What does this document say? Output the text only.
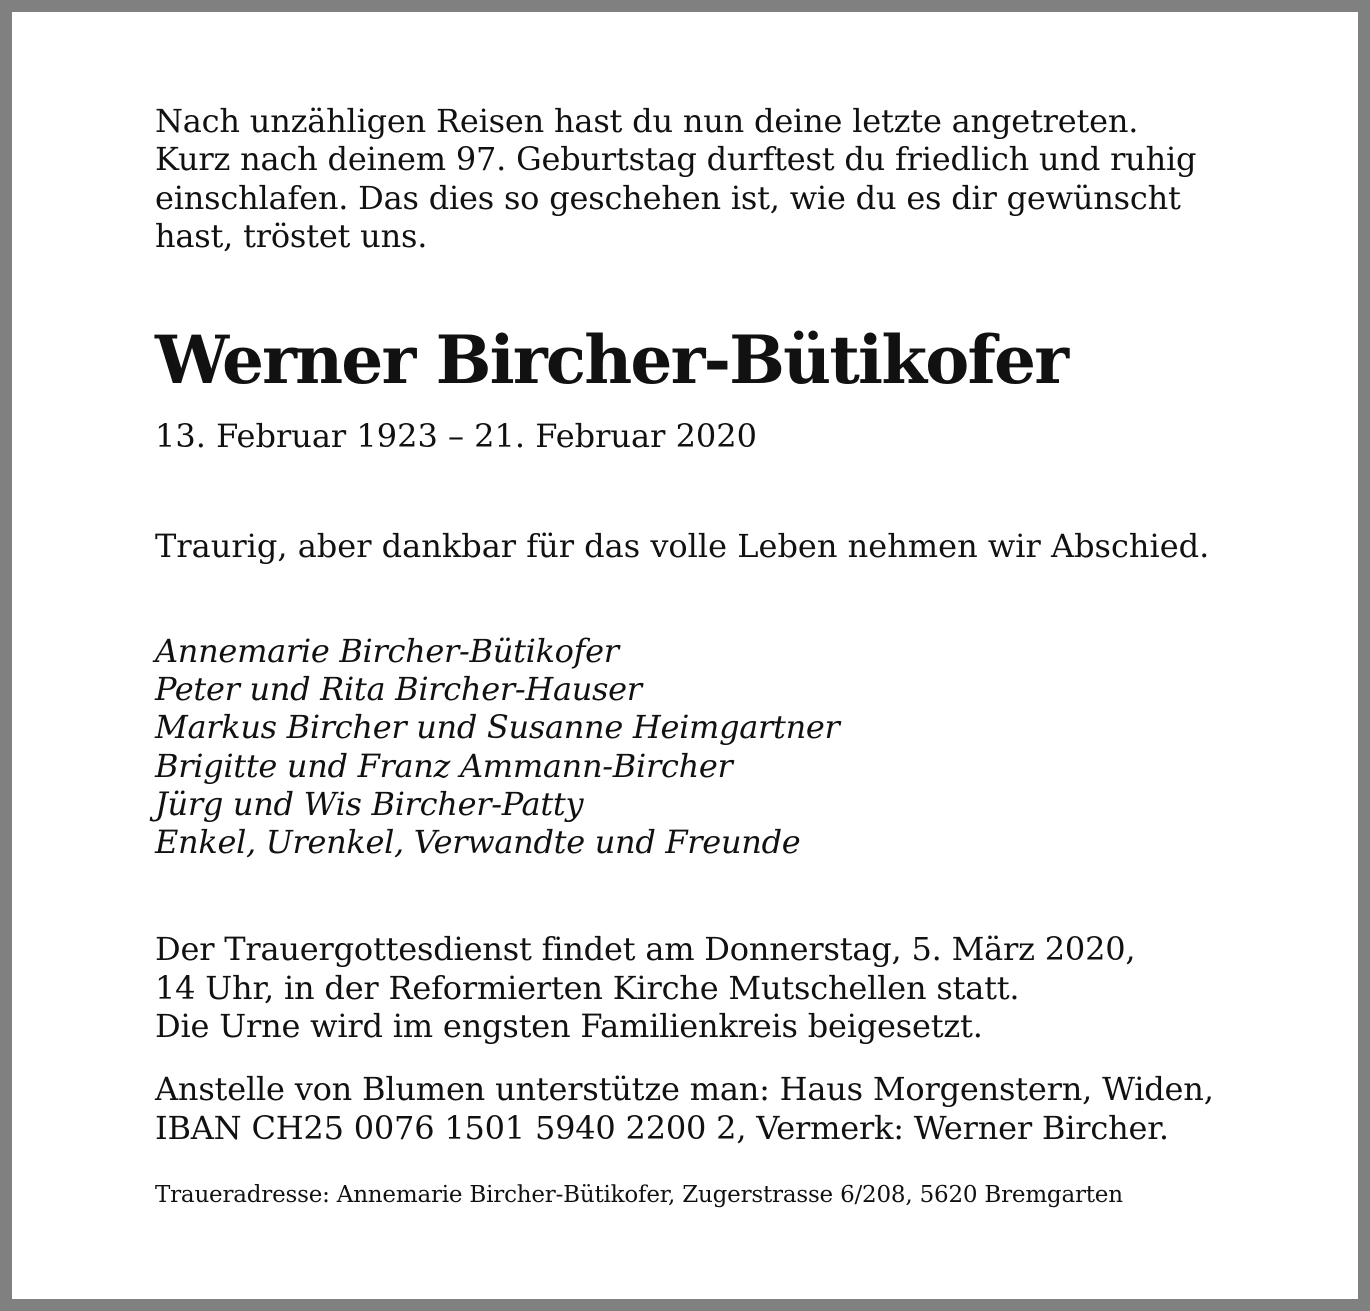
Nach unzähligen Reisen hast du nun deine letzte angetreten.
Kurz nach deinem 97. Geburtstag durftest du friedlich und ruhig
einschlafen. Das dies so geschehen ist, wie du es dir gewünscht
hast, tröstet uns.

Werner Bircher-Bütikofer
13. Februar 1923 – 21. Februar 2020

Traurig, aber dankbar für das volle Leben nehmen wir Abschied.

Annemarie Bircher-Bütikofer
Peter und Rita Bircher-Hauser
Markus Bircher und Susanne Heimgartner
Brigitte und Franz Ammann-Bircher
Jürg und Wis Bircher-Patty
Enkel, Urenkel, Verwandte und Freunde

Der Trauergottesdienst findet am Donnerstag, 5. März 2020,
14 Uhr, in der Reformierten Kirche Mutschellen statt.
Die Urne wird im engsten Familienkreis beigesetzt.

Anstelle von Blumen unterstütze man: Haus Morgenstern, Widen,
IBAN CH25 0076 1501 5940 2200 2, Vermerk: Werner Bircher.

Traueradresse: Annemarie Bircher-Bütikofer, Zugerstrasse 6/208, 5620 Bremgarten
